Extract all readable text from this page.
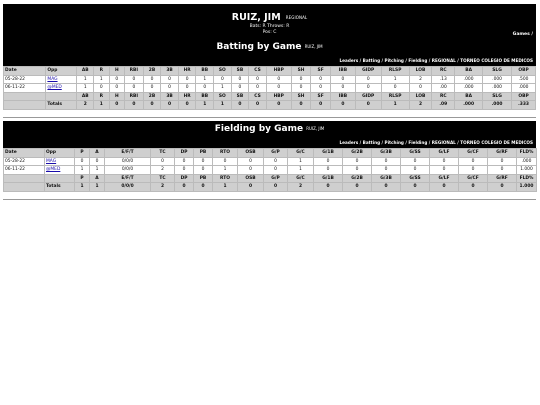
RUIZ, JIM REGIONAL
Bats: R Throws: R
Pos: C	Games /
Batting by Game RUIZ, JIM
Leaders / Batting / Pitching / Fielding / REGIONAL / TORNEO COLEGIO DE MEDICOS
Date	Opp	AB	R	H	RBI	2B	3B	HR	BB	SO	SB	CS	HBP	SH	SF	IBB	GIDP	RLSP	LOB	RC	BA	SLG	OBP
05-28-22	MAG	1	1	0	0	0	0	0	1	0	0	0	0	0	0	0	0	1	2	.13	.000	.000	.500
06-11-22	@MED	1	0	0	0	0	0	0	0	1	0	0	0	0	0	0	0	0	0	.00	.000	.000	.000
		AB	R	H	RBI	2B	3B	HR	BB	SO	SB	CS	HBP	SH	SF	IBB	GIDP	RLSP	LOB	RC	BA	SLG	OBP
	Totals	2	1	0	0	0	0	0	1	1	0	0	0	0	0	0	0	1	2	.09	.000	.000	.333
Fielding by Game RUIZ, JIM
Leaders / Batting / Pitching / Fielding / REGIONAL / TORNEO COLEGIO DE MEDICOS
Date	Opp	P	A	E/F/T	TC	DP	PB	RTO	OSB	G/P	G/C	G/1B	G/2B	G/3B	G/SS	G/LF	G/CF	G/RF	FLD%
05-28-22	MAG	0	0	0/0/0	0	0	0	0	0	0	1	0	0	0	0	0	0	0	.000
06-11-22	@MED	1	1	0/0/0	2	0	0	1	0	0	1	0	0	0	0	0	0	0	1.000
		P	A	E/F/T	TC	DP	PB	RTO	OSB	G/P	G/C	G/1B	G/2B	G/3B	G/SS	G/LF	G/CF	G/RF	FLD%
	Totals	1	1	0/0/0	2	0	0	1	0	0	2	0	0	0	0	0	0	0	1.000
